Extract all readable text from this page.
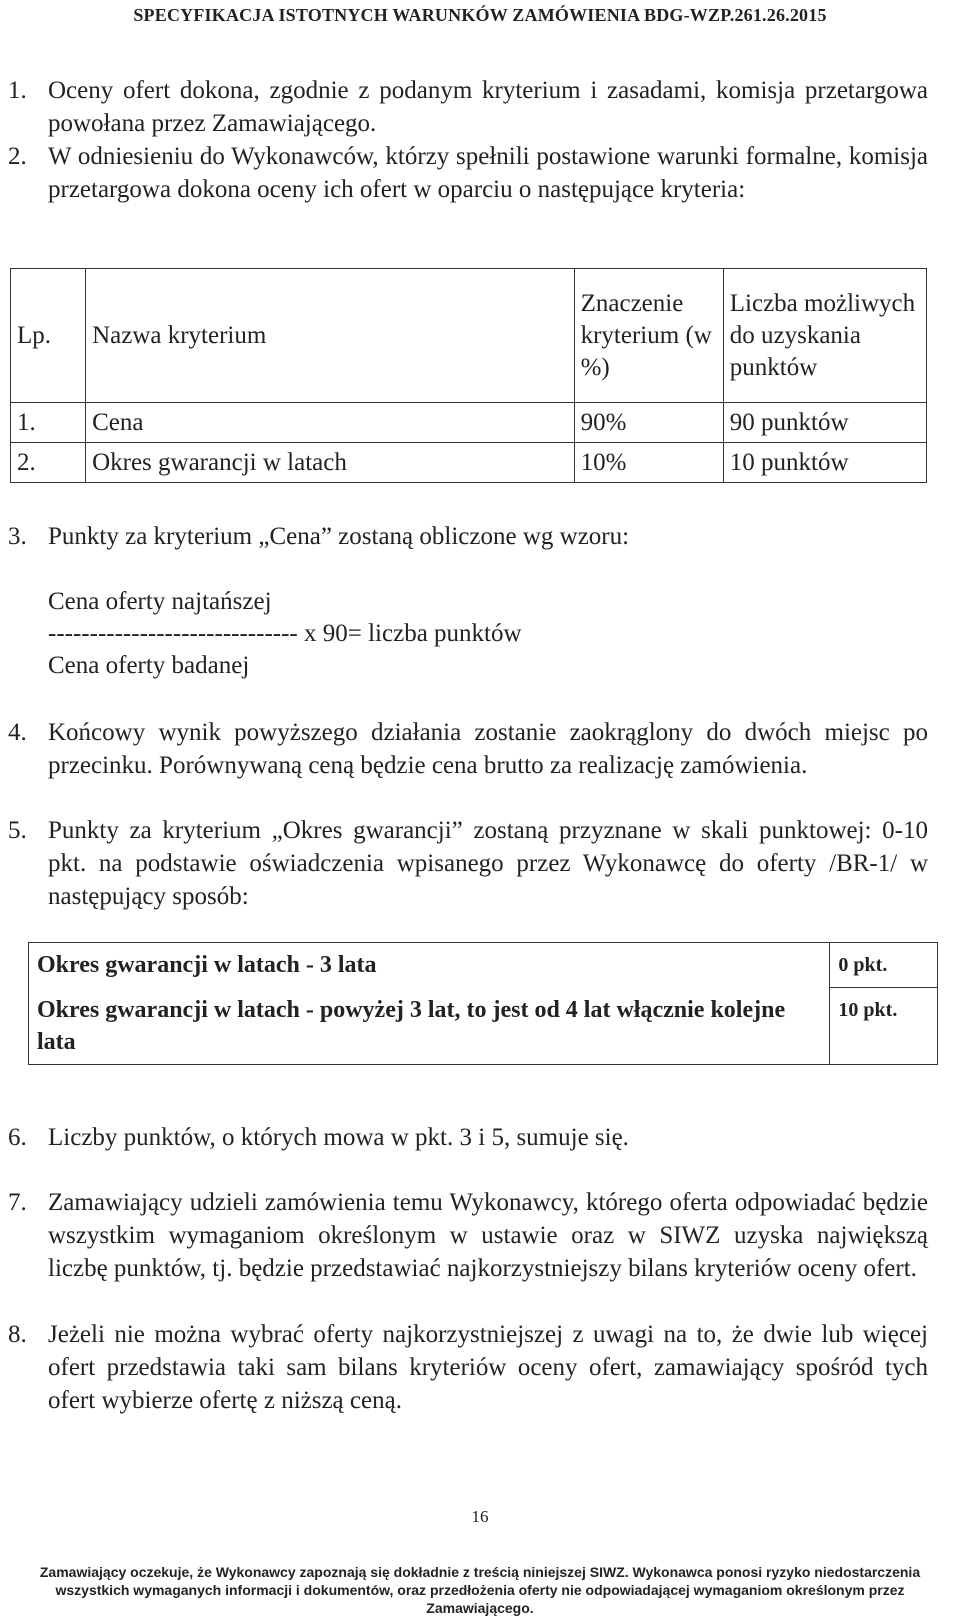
SPECYFIKACJA ISTOTNYCH WARUNKÓW ZAMÓWIENIA BDG-WZP.261.26.2015
1. Oceny ofert dokona, zgodnie z podanym kryterium i zasadami, komisja przetargowa powołana przez Zamawiającego.
2. W odniesieniu do Wykonawców, którzy spełnili postawione warunki formalne, komisja przetargowa dokona oceny ich ofert w oparciu o następujące kryteria:
Lp.	Nazwa kryterium	Znaczenie kryterium (w %)	Liczba możliwych do uzyskania punktów
1.	Cena	90%	90 punktów
2.	Okres gwarancji w latach	10%	10 punktów
3. Punkty za kryterium „Cena” zostaną obliczone wg wzoru:
Cena oferty najtańszej
------------------------------ x 90= liczba punktów
Cena oferty badanej
4. Końcowy wynik powyższego działania zostanie zaokrąglony do dwóch miejsc po przecinku. Porównywaną ceną będzie cena brutto za realizację zamówienia.
5. Punkty za kryterium „Okres gwarancji” zostaną przyznane w skali punktowej: 0-10 pkt. na podstawie oświadczenia wpisanego przez Wykonawcę do oferty /BR-1/ w następujący sposób:
Okres gwarancji w latach - 3 lata	0 pkt.
Okres gwarancji w latach - powyżej 3 lat, to jest od 4 lat włącznie kolejne lata	10 pkt.
6. Liczby punktów, o których mowa w pkt. 3 i 5, sumuje się.
7. Zamawiający udzieli zamówienia temu Wykonawcy, którego oferta odpowiadać będzie wszystkim wymaganiom określonym w ustawie oraz w SIWZ uzyska największą liczbę punktów, tj. będzie przedstawiać najkorzystniejszy bilans kryteriów oceny ofert.
8. Jeżeli nie można wybrać oferty najkorzystniejszej z uwagi na to, że dwie lub więcej ofert przedstawia taki sam bilans kryteriów oceny ofert, zamawiający spośród tych ofert wybierze ofertę z niższą ceną.
16
Zamawiający oczekuje, że Wykonawcy zapoznają się dokładnie z treścią niniejszej SIWZ. Wykonawca ponosi ryzyko niedostarczenia wszystkich wymaganych informacji i dokumentów, oraz przedłożenia oferty nie odpowiadającej wymaganiom określonym przez Zamawiającego.
